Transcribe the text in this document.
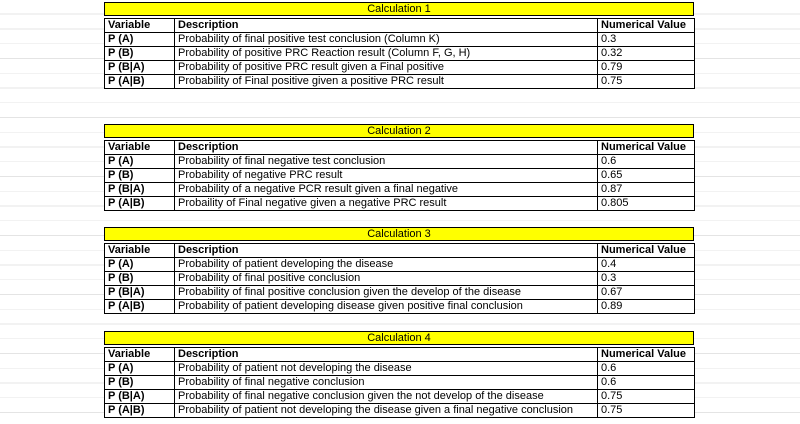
Calculation 1
Variable	Description	Numerical Value
P (A)	Probability of final positive test conclusion (Column K)	0.3
P (B)	Probability of positive PRC Reaction result (Column F, G, H)	0.32
P (B|A)	Probability of positive PRC result given a Final positive	0.79
P (A|B)	Probability of Final positive given a positive PRC result	0.75
Calculation 2
Variable	Description	Numerical Value
P (A)	Probability of final negative test conclusion	0.6
P (B)	Probability of negative PRC result	0.65
P (B|A)	Probability of a negative PCR result given a final negative	0.87
P (A|B)	Probaility of Final negative given a negative PRC result	0.805
Calculation 3
Variable	Description	Numerical Value
P (A)	Probability of patient developing the disease	0.4
P (B)	Probability of final positive conclusion	0.3
P (B|A)	Probability of final positive conclusion given the develop of the disease	0.67
P (A|B)	Probability of patient developing disease given positive final conclusion	0.89
Calculation 4
Variable	Description	Numerical Value
P (A)	Probability of patient not developing the disease	0.6
P (B)	Probability of final negative conclusion	0.6
P (B|A)	Probability of final negative conclusion given the not develop of the disease	0.75
P (A|B)	Probability of patient not developing the disease given a final negative conclusion	0.75
